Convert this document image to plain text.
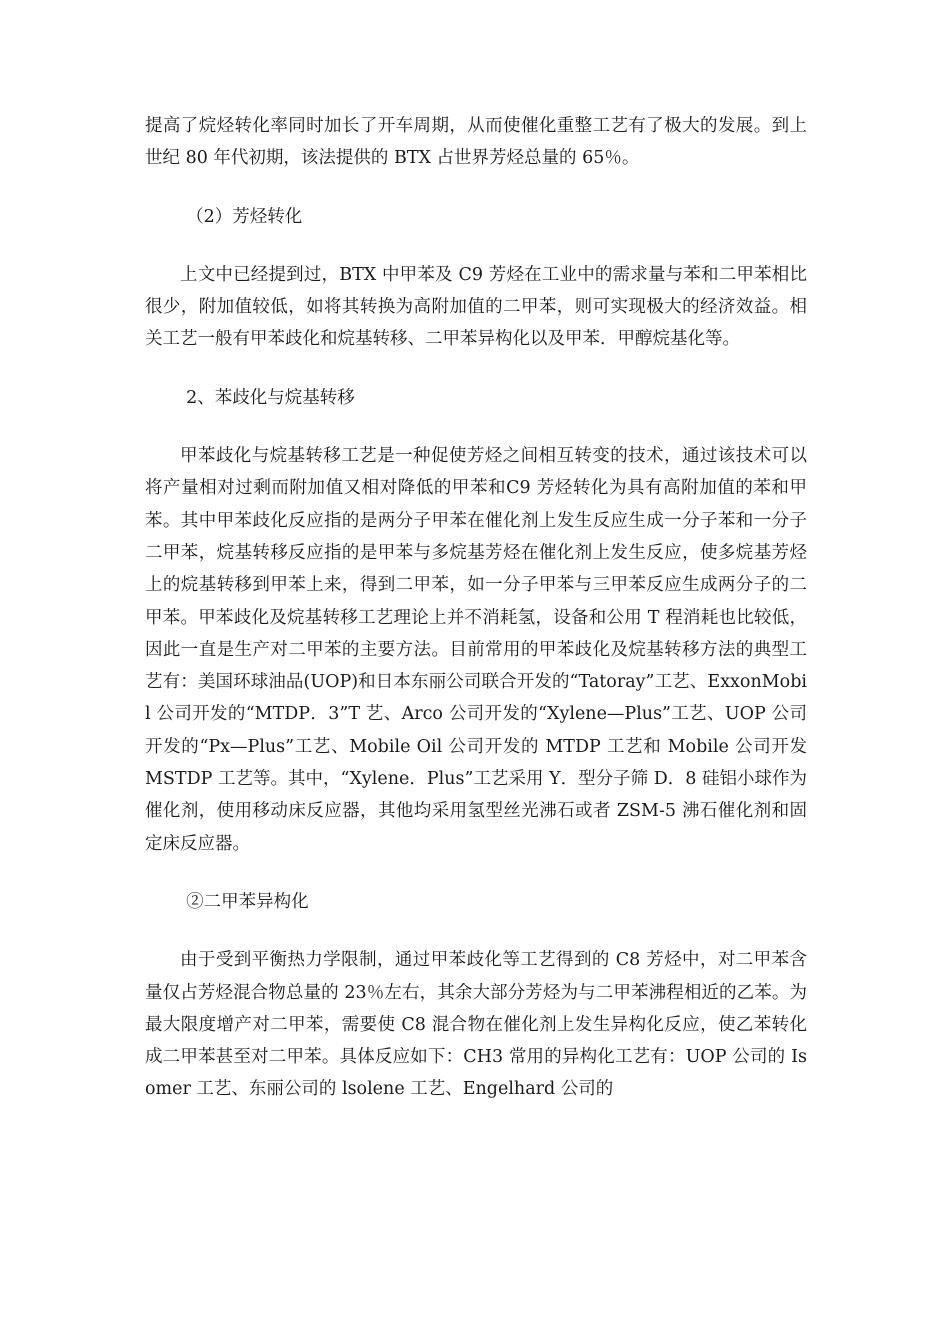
提高了烷烃转化率同时加长了开车周期，从而使催化重整工艺有了极大的发展。到上世纪 80 年代初期，该法提供的 BTX 占世界芳烃总量的 65％。

（2）芳烃转化

上文中已经提到过，BTX 中甲苯及 C9 芳烃在工业中的需求量与苯和二甲苯相比很少，附加值较低，如将其转换为高附加值的二甲苯，则可实现极大的经济效益。相关工艺一般有甲苯歧化和烷基转移、二甲苯异构化以及甲苯．甲醇烷基化等。

2、苯歧化与烷基转移

甲苯歧化与烷基转移工艺是一种促使芳烃之间相互转变的技术，通过该技术可以将产量相对过剩而附加值又相对降低的甲苯和C9 芳烃转化为具有高附加值的苯和甲苯。其中甲苯歧化反应指的是两分子甲苯在催化剂上发生反应生成一分子苯和一分子二甲苯，烷基转移反应指的是甲苯与多烷基芳烃在催化剂上发生反应，使多烷基芳烃上的烷基转移到甲苯上来，得到二甲苯，如一分子甲苯与三甲苯反应生成两分子的二甲苯。甲苯歧化及烷基转移工艺理论上并不消耗氢，设备和公用 T 程消耗也比较低，因此一直是生产对二甲苯的主要方法。目前常用的甲苯歧化及烷基转移方法的典型工艺有：美国环球油品(UOP)和日本东丽公司联合开发的“Tatoray”工艺、ExxonMobil 公司开发的“MTDP．3”T 艺、Arco 公司开发的“Xylene—Plus”工艺、UOP 公司开发的“Px—Plus”工艺、Mobile Oil 公司开发的 MTDP 工艺和 Mobile 公司开发 MSTDP 工艺等。其中，“Xylene．Plus”工艺采用 Y．型分子筛 D．8 硅铝小球作为催化剂，使用移动床反应器，其他均采用氢型丝光沸石或者 ZSM-5 沸石催化剂和固定床反应器。

②二甲苯异构化

由于受到平衡热力学限制，通过甲苯歧化等工艺得到的 C8 芳烃中，对二甲苯含量仅占芳烃混合物总量的 23％左右，其余大部分芳烃为与二甲苯沸程相近的乙苯。为最大限度增产对二甲苯，需要使 C8 混合物在催化剂上发生异构化反应，使乙苯转化成二甲苯甚至对二甲苯。具体反应如下：CH3 常用的异构化工艺有：UOP 公司的 Isomer 工艺、东丽公司的 lsolene 工艺、Engelhard 公司的
